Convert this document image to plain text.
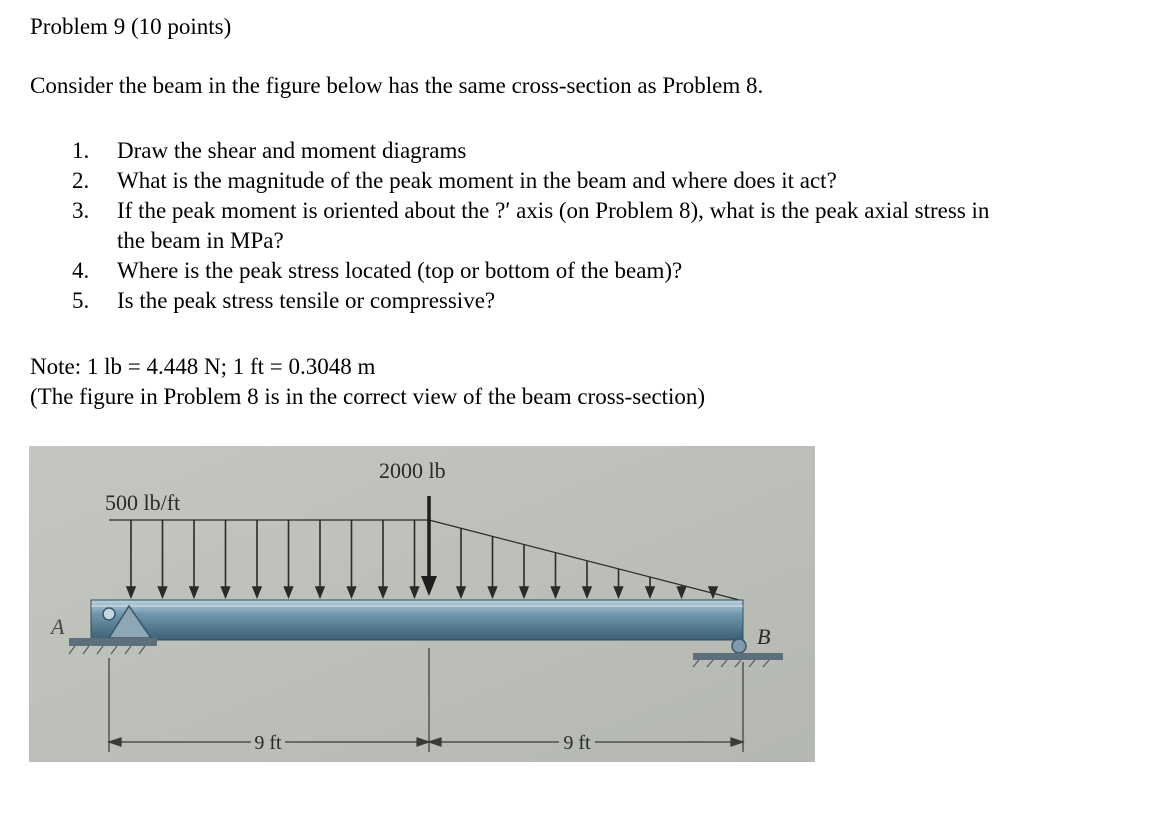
Problem 9 (10 points)
Consider the beam in the figure below has the same cross-section as Problem 8.
1. Draw the shear and moment diagrams
2. What is the magnitude of the peak moment in the beam and where does it act?
3. If the peak moment is oriented about the ?′ axis (on Problem 8), what is the peak axial stress in
the beam in MPa?
4. Where is the peak stress located (top or bottom of the beam)?
5. Is the peak stress tensile or compressive?
Note: 1 lb = 4.448 N; 1 ft = 0.3048 m
(The figure in Problem 8 is in the correct view of the beam cross-section)
2000 lb
500 lb/ft
A	B
9 ft	9 ft
